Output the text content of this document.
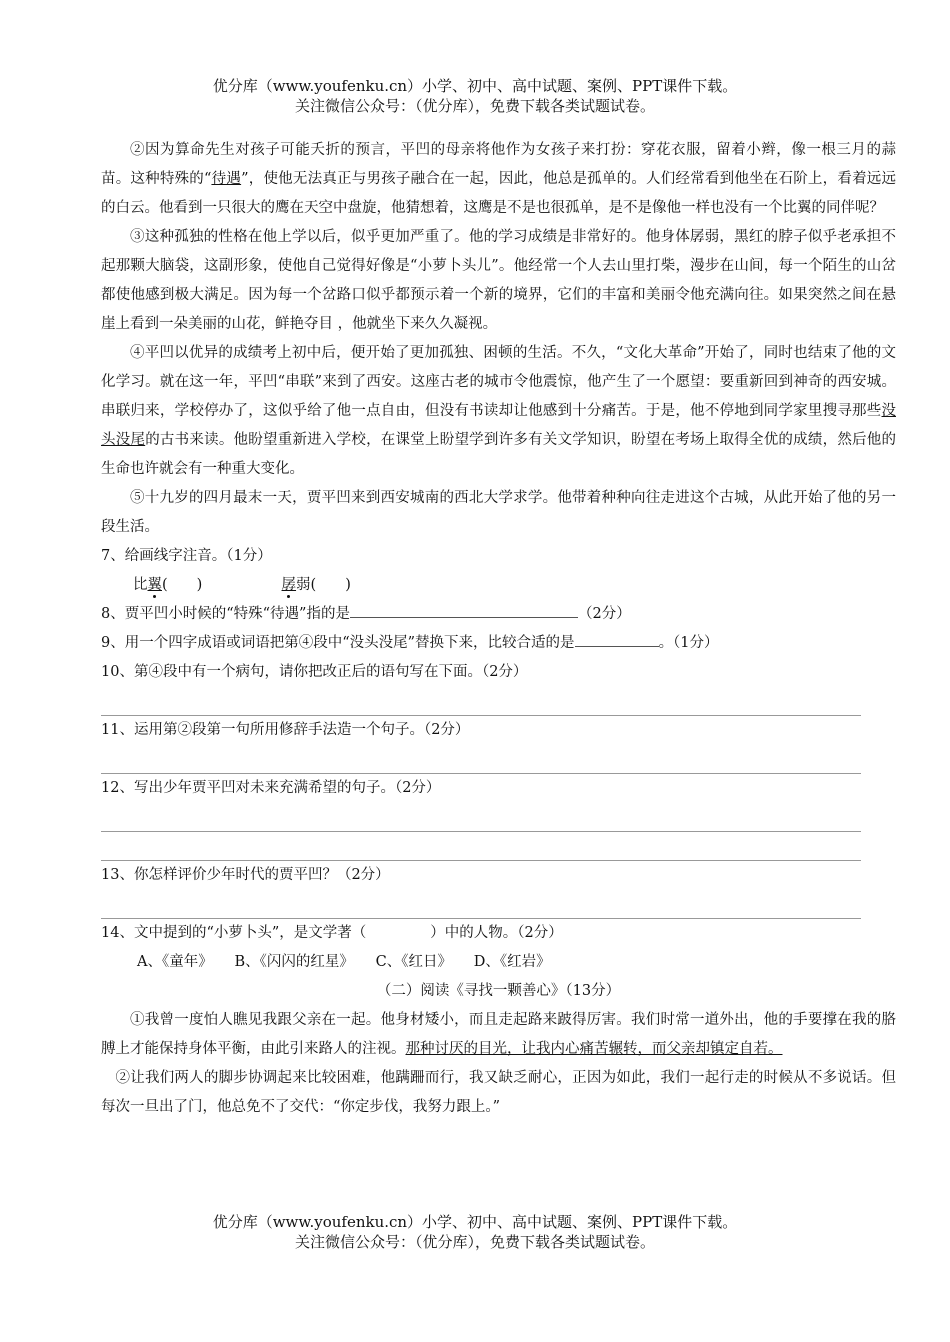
优分库（www.youfenku.cn）小学、初中、高中试题、案例、PPT课件下载。
关注微信公众号：（优分库），免费下载各类试题试卷。

②因为算命先生对孩子可能夭折的预言，平凹的母亲将他作为女孩子来打扮：穿花衣服，留着小辫，像一根三月的蒜苗。这种特殊的“待遇”，使他无法真正与男孩子融合在一起，因此，他总是孤单的。人们经常看到他坐在石阶上，看着远远的白云。他看到一只很大的鹰在天空中盘旋，他猜想着，这鹰是不是也很孤单，是不是像他一样也没有一个比翼的同伴呢？

③这种孤独的性格在他上学以后，似乎更加严重了。他的学习成绩是非常好的。他身体孱弱，黑红的脖子似乎老承担不起那颗大脑袋，这副形象，使他自己觉得好像是“小萝卜头儿”。他经常一个人去山里打柴，漫步在山间，每一个陌生的山岔都使他感到极大满足。因为每一个岔路口似乎都预示着一个新的境界，它们的丰富和美丽令他充满向往。如果突然之间在悬崖上看到一朵美丽的山花，鲜艳夺目 ，他就坐下来久久凝视。

④平凹以优异的成绩考上初中后，便开始了更加孤独、困顿的生活。不久，“文化大革命”开始了，同时也结束了他的文化学习。就在这一年，平凹“串联”来到了西安。这座古老的城市令他震惊，他产生了一个愿望：要重新回到神奇的西安城。串联归来，学校停办了，这似乎给了他一点自由，但没有书读却让他感到十分痛苦。于是，他不停地到同学家里搜寻那些没头没尾的古书来读。他盼望重新进入学校，在课堂上盼望学到许多有关文学知识，盼望在考场上取得全优的成绩，然后他的生命也许就会有一种重大变化。

⑤十九岁的四月最末一天，贾平凹来到西安城南的西北大学求学。他带着种种向往走进这个古城，从此开始了他的另一段生活。

7、给画线字注音。（1分）

比翼(　　)	孱弱(　　)

8、贾平凹小时候的“特殊“待遇”指的是	（2分）

9、用一个四字成语或词语把第④段中“没头没尾”替换下来，比较合适的是	。（1分）

10、第④段中有一个病句，请你把改正后的语句写在下面。（2分）

11、运用第②段第一句所用修辞手法造一个句子。（2分）

12、写出少年贾平凹对未来充满希望的句子。（2分）

13、你怎样评价少年时代的贾平凹？（2分）

14、文中提到的“小萝卜头”，是文学著（	）中的人物。（2分）

A、《童年》　　B、《闪闪的红星》　　C、《红日》　　D、《红岩》

（二）阅读《寻找一颗善心》（13分）

①我曾一度怕人瞧见我跟父亲在一起。他身材矮小，而且走起路来跛得厉害。我们时常一道外出，他的手要撑在我的胳膊上才能保持身体平衡，由此引来路人的注视。那种讨厌的目光，让我内心痛苦辗转，而父亲却镇定自若。

②让我们两人的脚步协调起来比较困难，他蹒跚而行，我又缺乏耐心，正因为如此，我们一起行走的时候从不多说话。但每次一旦出了门，他总免不了交代：“你定步伐，我努力跟上。”

优分库（www.youfenku.cn）小学、初中、高中试题、案例、PPT课件下载。
关注微信公众号：（优分库），免费下载各类试题试卷。
